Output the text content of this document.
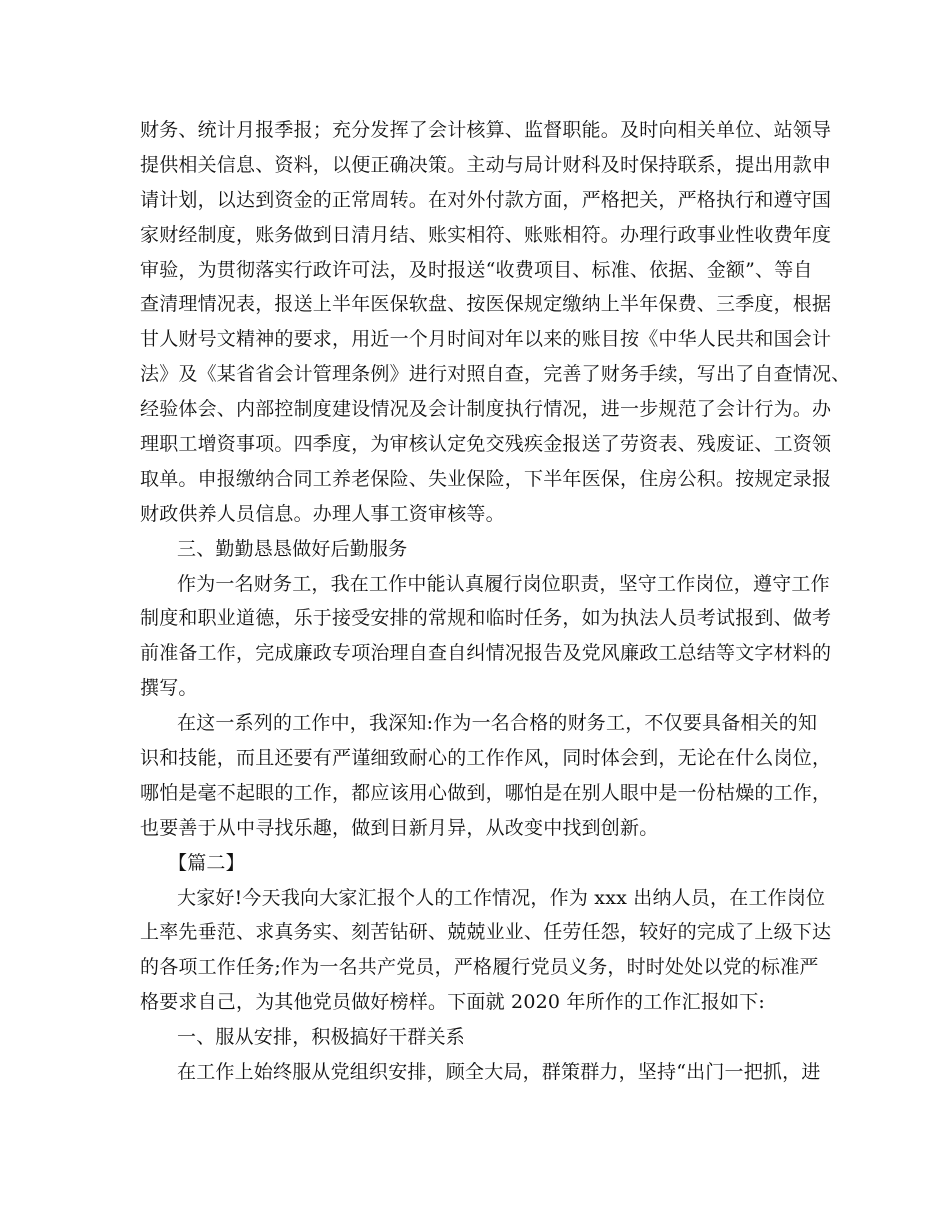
财务、统计月报季报；充分发挥了会计核算、监督职能。及时向相关单位、站领导
提供相关信息、资料，以便正确决策。主动与局计财科及时保持联系，提出用款申
请计划，以达到资金的正常周转。在对外付款方面，严格把关，严格执行和遵守国
家财经制度，账务做到日清月结、账实相符、账账相符。办理行政事业性收费年度
审验，为贯彻落实行政许可法，及时报送“收费项目、标准、依据、金额”、等自
查清理情况表，报送上半年医保软盘、按医保规定缴纳上半年保费、三季度，根据
甘人财号文精神的要求，用近一个月时间对年以来的账目按《中华人民共和国会计
法》及《某省省会计管理条例》进行对照自查，完善了财务手续，写出了自查情况、
经验体会、内部控制度建设情况及会计制度执行情况，进一步规范了会计行为。办
理职工增资事项。四季度，为审核认定免交残疾金报送了劳资表、残废证、工资领
取单。申报缴纳合同工养老保险、失业保险，下半年医保，住房公积。按规定录报
财政供养人员信息。办理人事工资审核等。
三、勤勤恳恳做好后勤服务
作为一名财务工，我在工作中能认真履行岗位职责，坚守工作岗位，遵守工作
制度和职业道德，乐于接受安排的常规和临时任务，如为执法人员考试报到、做考
前准备工作，完成廉政专项治理自查自纠情况报告及党风廉政工总结等文字材料的
撰写。
在这一系列的工作中，我深知:作为一名合格的财务工，不仅要具备相关的知
识和技能，而且还要有严谨细致耐心的工作作风，同时体会到，无论在什么岗位，
哪怕是毫不起眼的工作，都应该用心做到，哪怕是在别人眼中是一份枯燥的工作，
也要善于从中寻找乐趣，做到日新月异，从改变中找到创新。
【篇二】
大家好!今天我向大家汇报个人的工作情况，作为 xxx 出纳人员，在工作岗位
上率先垂范、求真务实、刻苦钻研、兢兢业业、任劳任怨，较好的完成了上级下达
的各项工作任务;作为一名共产党员，严格履行党员义务，时时处处以党的标准严
格要求自己，为其他党员做好榜样。下面就 2020 年所作的工作汇报如下:
一、服从安排，积极搞好干群关系
在工作上始终服从党组织安排，顾全大局，群策群力，坚持“出门一把抓，进
